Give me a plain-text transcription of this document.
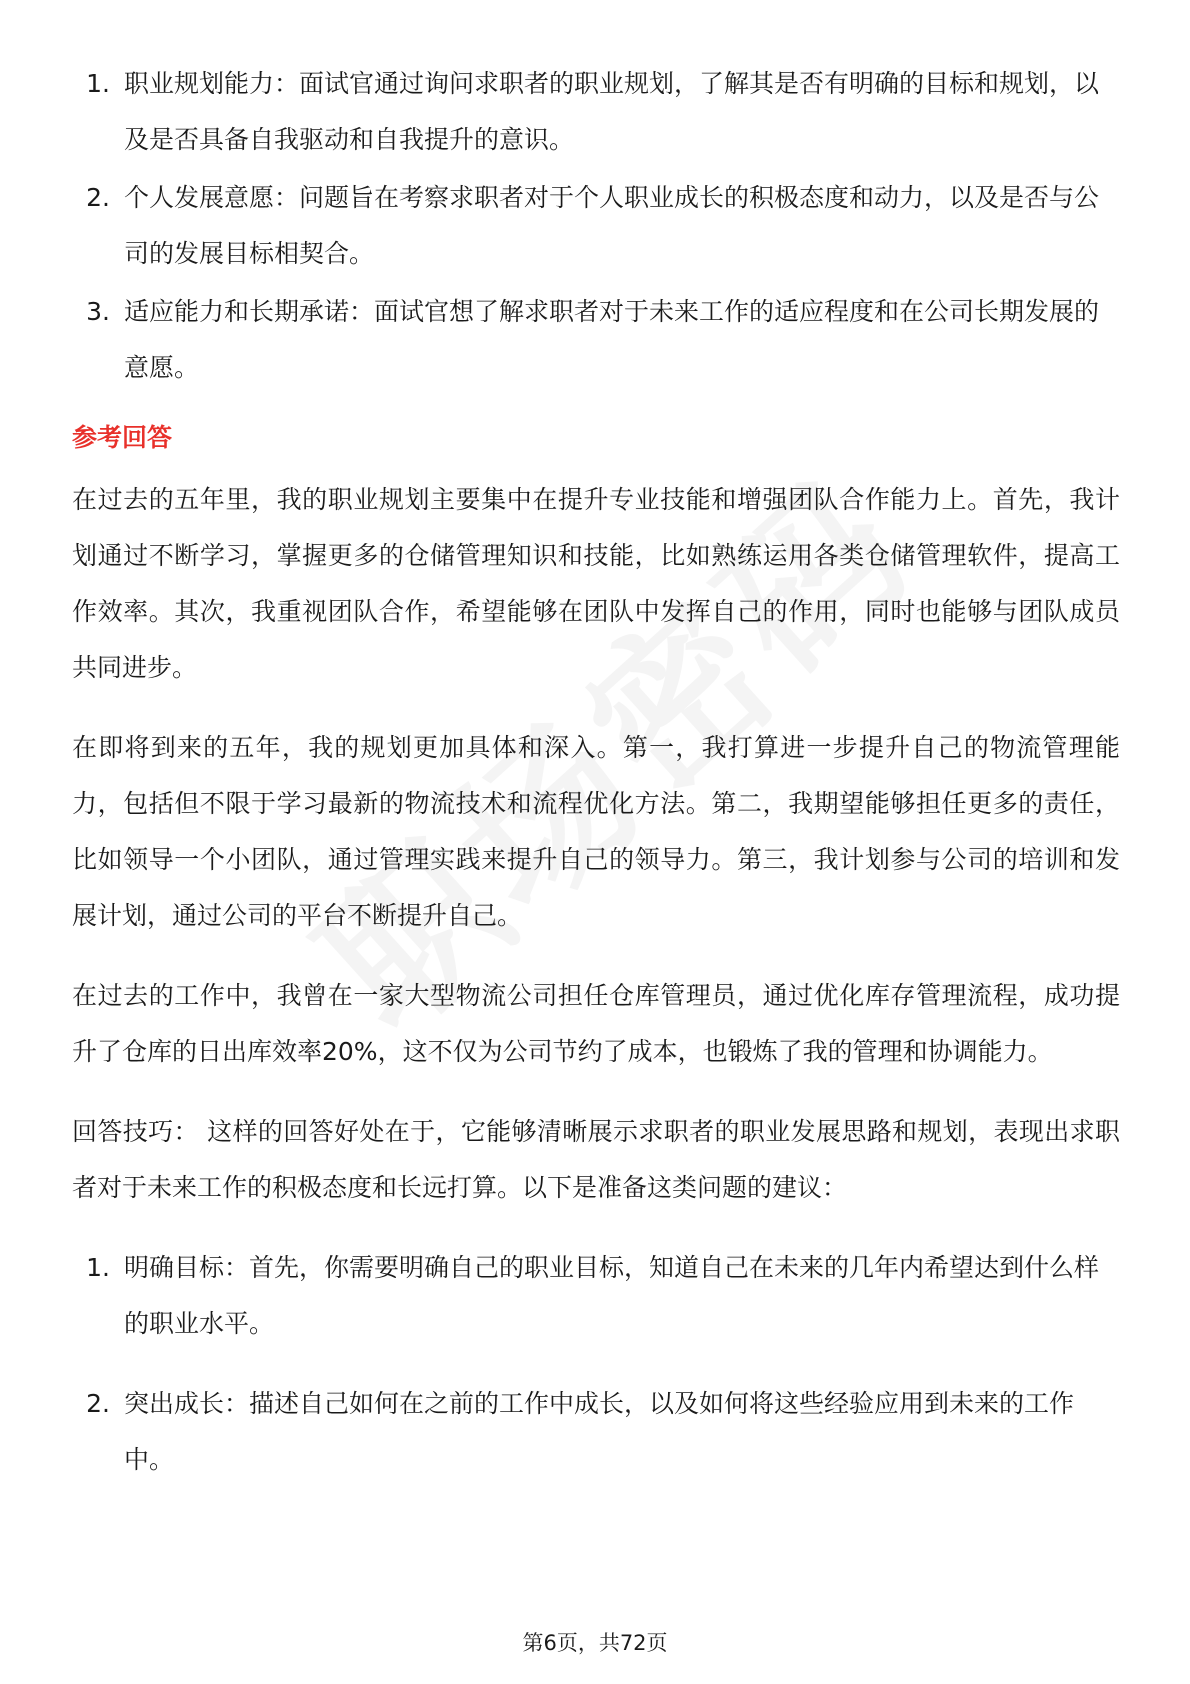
1. 职业规划能力：面试官通过询问求职者的职业规划，了解其是否有明确的目标和规划，以及是否具备自我驱动和自我提升的意识。
2. 个人发展意愿：问题旨在考察求职者对于个人职业成长的积极态度和动力，以及是否与公司的发展目标相契合。
3. 适应能力和长期承诺：面试官想了解求职者对于未来工作的适应程度和在公司长期发展的意愿。
参考回答

在过去的五年里，我的职业规划主要集中在提升专业技能和增强团队合作能力上。首先，我计划通过不断学习，掌握更多的仓储管理知识和技能，比如熟练运用各类仓储管理软件，提高工作效率。其次，我重视团队合作，希望能够在团队中发挥自己的作用，同时也能够与团队成员共同进步。

在即将到来的五年，我的规划更加具体和深入。第一，我打算进一步提升自己的物流管理能力，包括但不限于学习最新的物流技术和流程优化方法。第二，我期望能够担任更多的责任，比如领导一个小团队，通过管理实践来提升自己的领导力。第三，我计划参与公司的培训和发展计划，通过公司的平台不断提升自己。

在过去的工作中，我曾在一家大型物流公司担任仓库管理员，通过优化库存管理流程，成功提升了仓库的日出库效率20%，这不仅为公司节约了成本，也锻炼了我的管理和协调能力。

回答技巧： 这样的回答好处在于，它能够清晰展示求职者的职业发展思路和规划，表现出求职者对于未来工作的积极态度和长远打算。以下是准备这类问题的建议：

1. 明确目标：首先，你需要明确自己的职业目标，知道自己在未来的几年内希望达到什么样的职业水平。
2. 突出成长：描述自己如何在之前的工作中成长，以及如何将这些经验应用到未来的工作中。
第6页，共72页
